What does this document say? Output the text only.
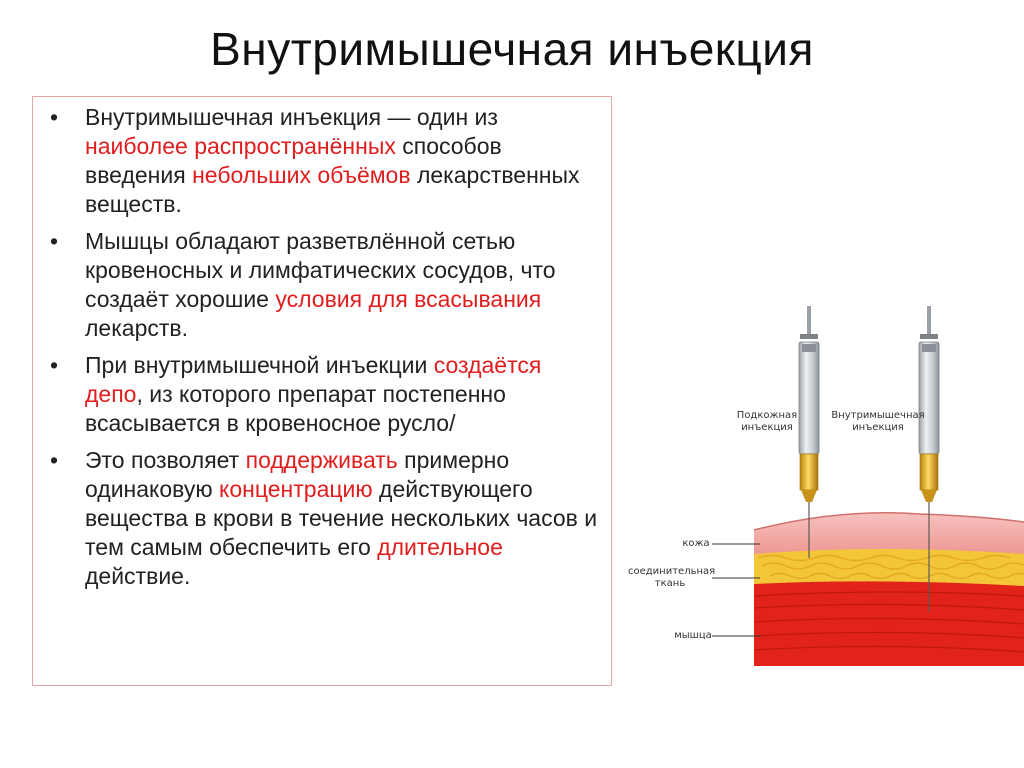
Внутримышечная инъекция
• Внутримышечная инъекция — один из наиболее распространённых способов введения небольших объёмов лекарственных веществ.
• Мышцы обладают разветвлённой сетью кровеносных и лимфатических сосудов, что создаёт хорошие условия для всасывания лекарств.
• При внутримышечной инъекции создаётся депо, из которого препарат постепенно всасывается в кровеносное русло/
• Это позволяет поддерживать примерно одинаковую концентрацию действующего вещества в крови в течение нескольких часов и тем самым обеспечить его длительное действие.
Подкожная
инъекция
Внутримышечная
инъекция
кожа
соединительная
ткань
мышца
